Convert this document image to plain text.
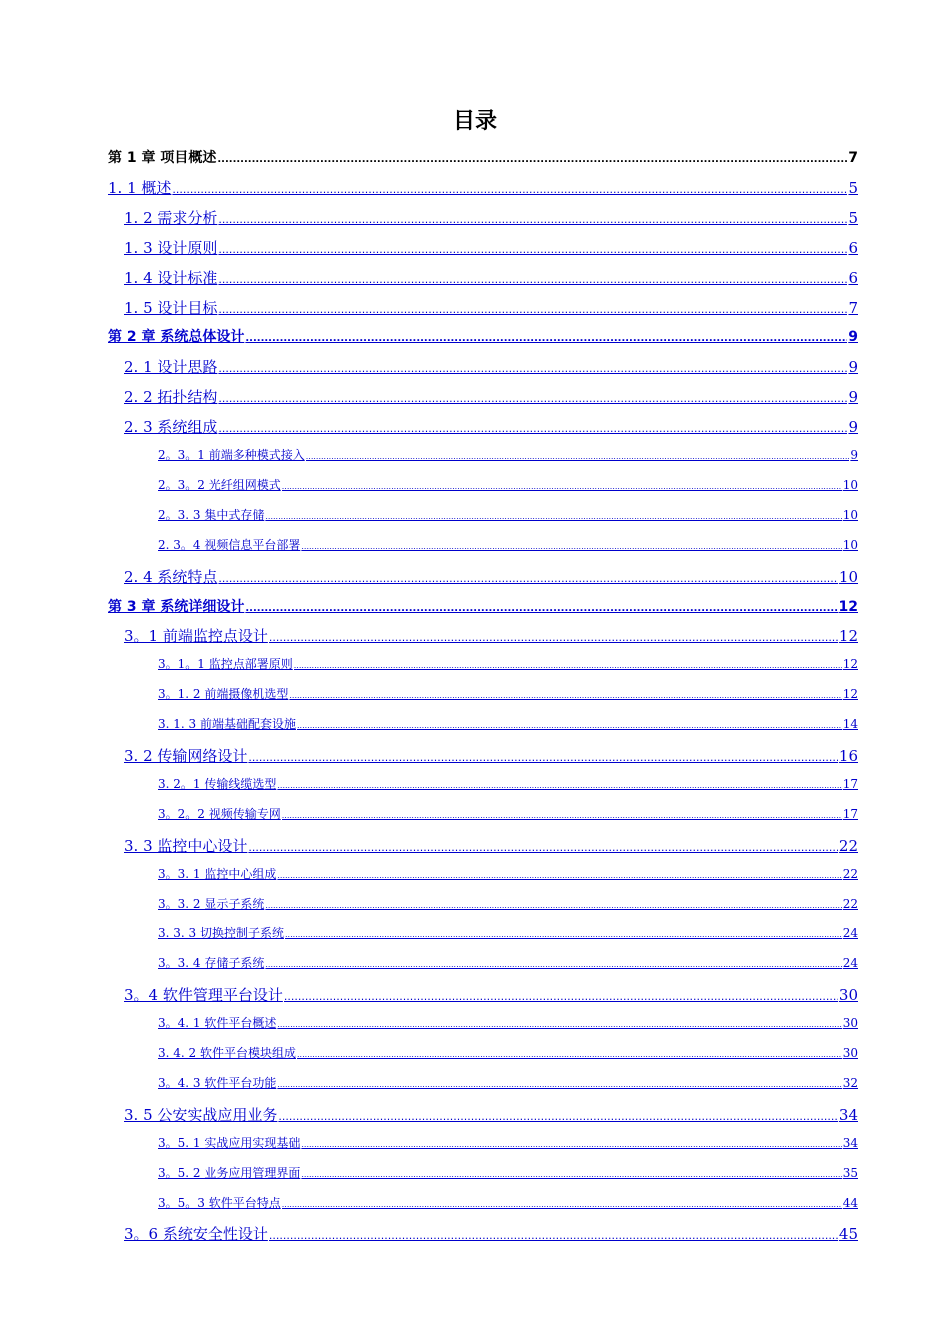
目录
第 1 章 项目概述 .....	7
1. 1 概述 .....	5
1. 2 需求分析 .....	5
1. 3 设计原则 .....	6
1. 4 设计标准 .....	6
1. 5 设计目标 .....	7
第 2 章 系统总体设计 .....	9
2. 1 设计思路 .....	9
2. 2 拓扑结构 .....	9
2. 3 系统组成 .....	9
2。3。1 前端多种模式接入 .....	9
2。3。2 光纤组网模式 .....	10
2。3. 3 集中式存储 .....	10
2. 3。4 视频信息平台部署 .....	10
2. 4 系统特点 .....	10
第 3 章 系统详细设计 .....	12
3。1 前端监控点设计 .....	12
3。1。1 监控点部署原则 .....	12
3。1. 2 前端摄像机选型 .....	12
3. 1. 3 前端基础配套设施 .....	14
3. 2 传输网络设计 .....	16
3. 2。1 传输线缆选型 .....	17
3。2。2 视频传输专网 .....	17
3. 3 监控中心设计 .....	22
3。3. 1 监控中心组成 .....	22
3。3. 2 显示子系统 .....	22
3. 3. 3 切换控制子系统 .....	24
3。3. 4 存储子系统 .....	24
3。4 软件管理平台设计 .....	30
3。4. 1 软件平台概述 .....	30
3. 4. 2 软件平台模块组成 .....	30
3。4. 3 软件平台功能 .....	32
3. 5 公安实战应用业务 .....	34
3。5. 1 实战应用实现基础 .....	34
3。5. 2 业务应用管理界面 .....	35
3。5。3 软件平台特点 .....	44
3。6 系统安全性设计 .....	45
